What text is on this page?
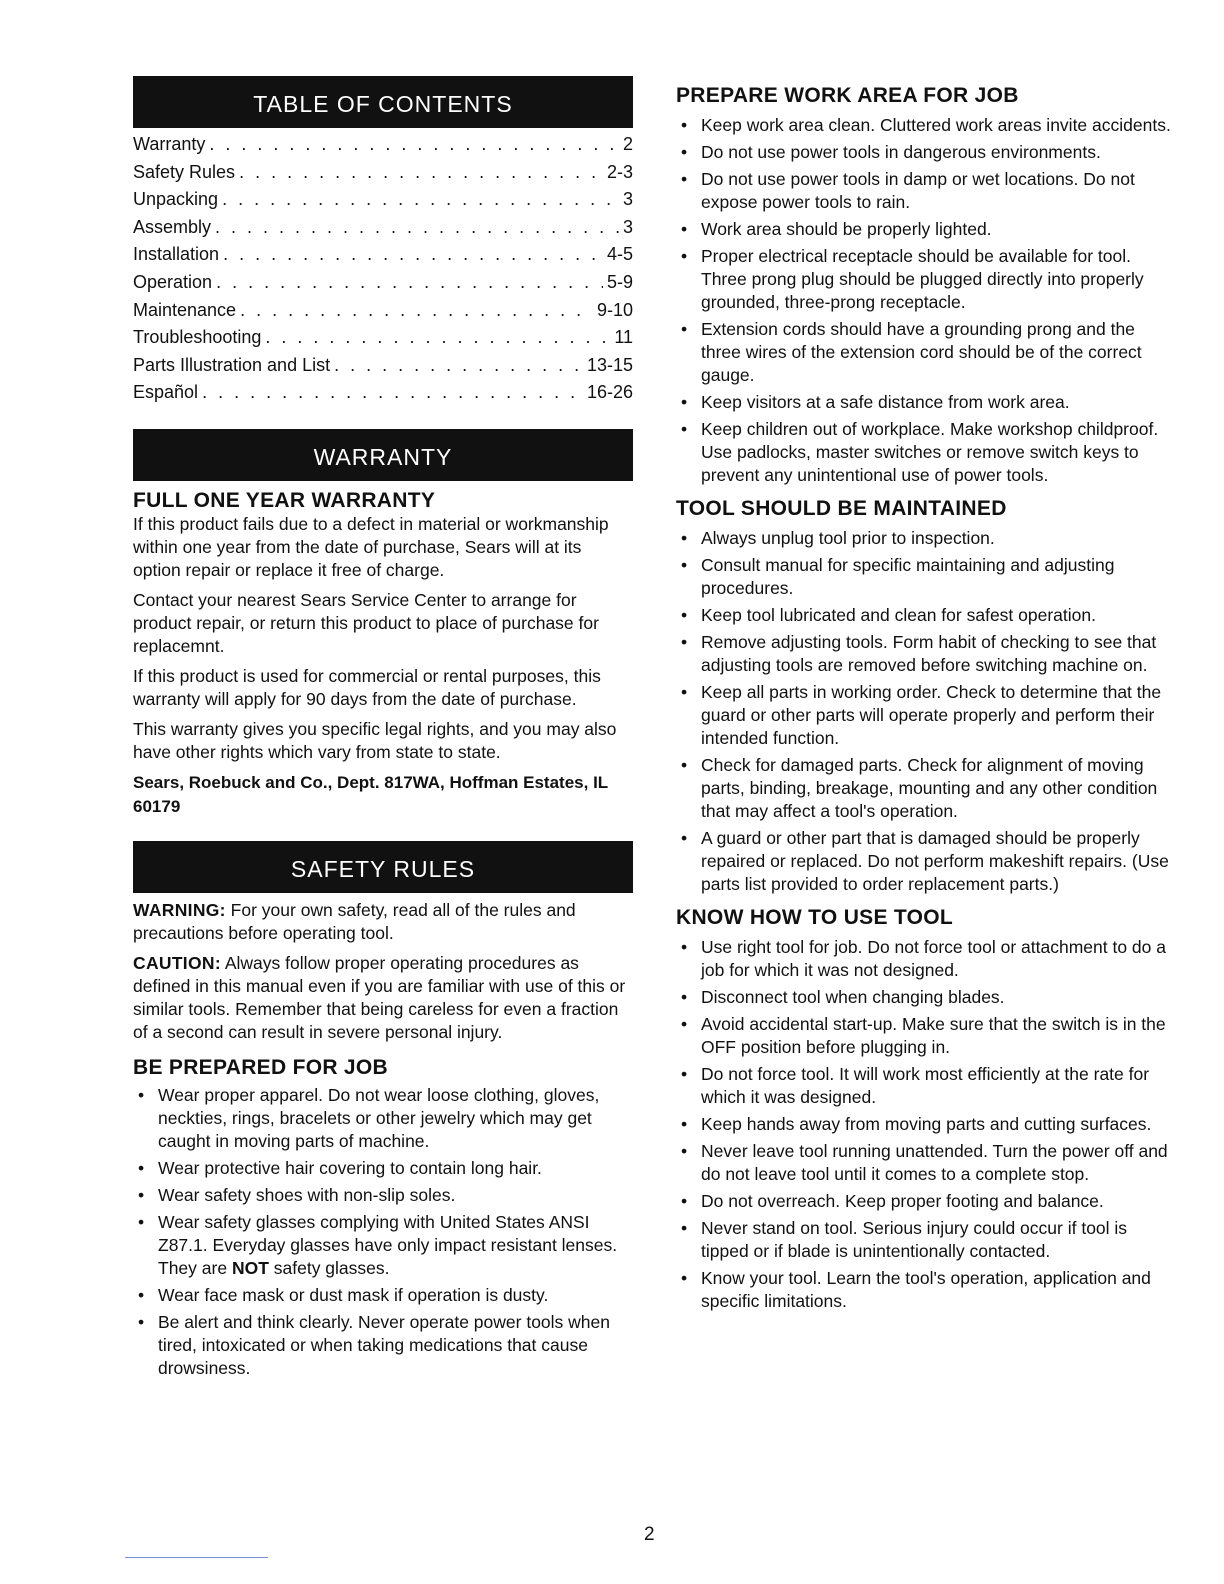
TABLE OF CONTENTS
Warranty . . .	2
Safety Rules . . .	2-3
Unpacking . . .	3
Assembly . . .	3
Installation . . .	4-5
Operation . . .	5-9
Maintenance . . .	9-10
Troubleshooting . . .	11
Parts Illustration and List . . .	13-15
Español . . .	16-26
WARRANTY
FULL ONE YEAR WARRANTY

If this product fails due to a defect in material or workmanship within one year from the date of purchase, Sears will at its option repair or replace it free of charge.

Contact your nearest Sears Service Center to arrange for product repair, or return this product to place of purchase for replacemnt.

If this product is used for commercial or rental purposes, this warranty will apply for 90 days from the date of purchase.

This warranty gives you specific legal rights, and you may also have other rights which vary from state to state.

Sears, Roebuck and Co., Dept. 817WA, Hoffman Estates, IL 60179

SAFETY RULES

WARNING: For your own safety, read all of the rules and precautions before operating tool.

CAUTION: Always follow proper operating procedures as defined in this manual even if you are familiar with use of this or similar tools. Remember that being careless for even a fraction of a second can result in severe personal injury.

BE PREPARED FOR JOB
• Wear proper apparel. Do not wear loose clothing, gloves, neckties, rings, bracelets or other jewelry which may get caught in moving parts of machine.
• Wear protective hair covering to contain long hair.
• Wear safety shoes with non-slip soles.
• Wear safety glasses complying with United States ANSI Z87.1. Everyday glasses have only impact resistant lenses. They are NOT safety glasses.
• Wear face mask or dust mask if operation is dusty.
• Be alert and think clearly. Never operate power tools when tired, intoxicated or when taking medications that cause drowsiness.
PREPARE WORK AREA FOR JOB
• Keep work area clean. Cluttered work areas invite accidents.
• Do not use power tools in dangerous environments.
• Do not use power tools in damp or wet locations. Do not expose power tools to rain.
• Work area should be properly lighted.
• Proper electrical receptacle should be available for tool. Three prong plug should be plugged directly into properly grounded, three-prong receptacle.
• Extension cords should have a grounding prong and the three wires of the extension cord should be of the correct gauge.
• Keep visitors at a safe distance from work area.
• Keep children out of workplace. Make workshop childproof. Use padlocks, master switches or remove switch keys to prevent any unintentional use of power tools.
TOOL SHOULD BE MAINTAINED
• Always unplug tool prior to inspection.
• Consult manual for specific maintaining and adjusting procedures.
• Keep tool lubricated and clean for safest operation.
• Remove adjusting tools. Form habit of checking to see that adjusting tools are removed before switching machine on.
• Keep all parts in working order. Check to determine that the guard or other parts will operate properly and perform their intended function.
• Check for damaged parts. Check for alignment of moving parts, binding, breakage, mounting and any other condition that may affect a tool's operation.
• A guard or other part that is damaged should be properly repaired or replaced. Do not perform makeshift repairs. (Use parts list provided to order replacement parts.)
KNOW HOW TO USE TOOL
• Use right tool for job. Do not force tool or attachment to do a job for which it was not designed.
• Disconnect tool when changing blades.
• Avoid accidental start-up. Make sure that the switch is in the OFF position before plugging in.
• Do not force tool. It will work most efficiently at the rate for which it was designed.
• Keep hands away from moving parts and cutting surfaces.
• Never leave tool running unattended. Turn the power off and do not leave tool until it comes to a complete stop.
• Do not overreach. Keep proper footing and balance.
• Never stand on tool. Serious injury could occur if tool is tipped or if blade is unintentionally contacted.
• Know your tool. Learn the tool's operation, application and specific limitations.
2
